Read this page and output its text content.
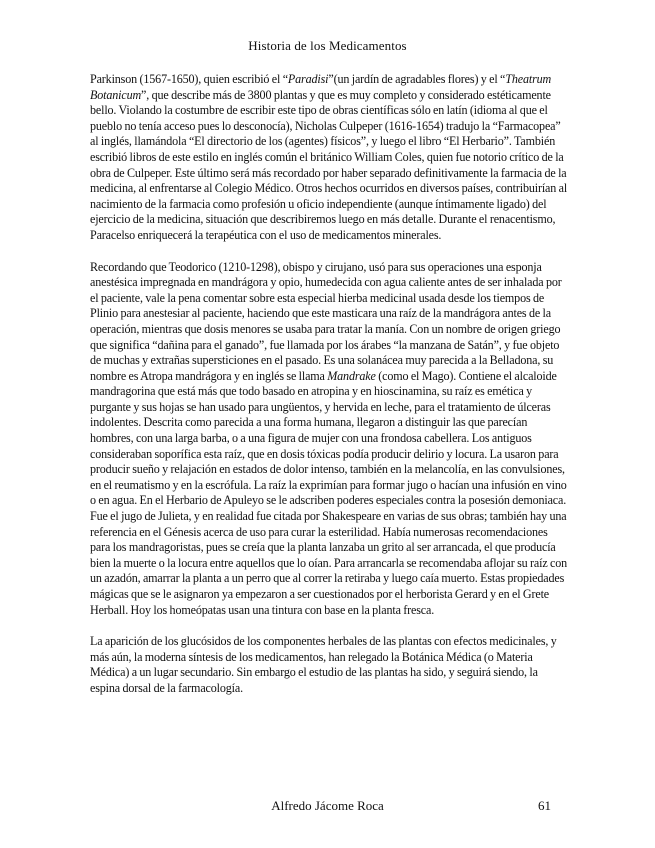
Historia de los Medicamentos

Parkinson (1567-1650), quien escribió el “Paradisi”(un jardín de agradables flores) y el “Theatrum Botanicum”, que describe más de 3800 plantas y que es muy completo y considerado estéticamente bello. Violando la costumbre de escribir este tipo de obras científicas sólo en latín (idioma al que el pueblo no tenía acceso pues lo desconocía), Nicholas Culpeper (1616-1654) tradujo la “Farmacopea” al inglés, llamándola “El directorio de los (agentes) físicos”, y luego el libro “El Herbario”. También escribió libros de este estilo en inglés común el británico William Coles, quien fue notorio crítico de la obra de Culpeper. Este último será más recordado por haber separado definitivamente la farmacia de la medicina, al enfrentarse al Colegio Médico. Otros hechos ocurridos en diversos países, contribuirían al nacimiento de la farmacia como profesión u oficio independiente (aunque íntimamente ligado) del ejercicio de la medicina, situación que describiremos luego en más detalle. Durante el renacentismo, Paracelso enriquecerá la terapéutica con el uso de medicamentos minerales.

Recordando que Teodorico (1210-1298), obispo y cirujano, usó para sus operaciones una esponja anestésica impregnada en mandrágora y opio, humedecida con agua caliente antes de ser inhalada por el paciente, vale la pena comentar sobre esta especial hierba medicinal usada desde los tiempos de Plinio para anestesiar al paciente, haciendo que este masticara una raíz de la mandrágora antes de la operación, mientras que dosis menores se usaba para tratar la manía. Con un nombre de origen griego que significa “dañina para el ganado”, fue llamada por los árabes “la manzana de Satán”, y fue objeto de muchas y extrañas supersticiones en el pasado. Es una solanácea muy parecida a la Belladona, su nombre es Atropa mandrágora y en inglés se llama Mandrake (como el Mago). Contiene el alcaloide mandragorina que está más que todo basado en atropina y en hioscinamina, su raíz es emética y purgante y sus hojas se han usado para ungüentos, y hervida en leche, para el tratamiento de úlceras indolentes. Descrita como parecida a una forma humana, llegaron a distinguir las que parecían hombres, con una larga barba, o a una figura de mujer con una frondosa cabellera. Los antiguos consideraban soporífica esta raíz, que en dosis tóxicas podía producir delirio y locura. La usaron para producir sueño y relajación en estados de dolor intenso, también en la melancolía, en las convulsiones, en el reumatismo y en la escrófula. La raíz la exprimían para formar jugo o hacían una infusión en vino o en agua. En el Herbario de Apuleyo se le adscriben poderes especiales contra la posesión demoniaca. Fue el jugo de Julieta, y en realidad fue citada por Shakespeare en varias de sus obras; también hay una referencia en el Génesis acerca de uso para curar la esterilidad. Había numerosas recomendaciones para los mandragoristas, pues se creía que la planta lanzaba un grito al ser arrancada, el que producía bien la muerte o la locura entre aquellos que lo oían. Para arrancarla se recomendaba aflojar su raíz con un azadón, amarrar la planta a un perro que al correr la retiraba y luego caía muerto. Estas propiedades mágicas que se le asignaron ya empezaron a ser cuestionados por el herborista Gerard y en el Grete Herball. Hoy los homeópatas usan una tintura con base en la planta fresca.

La aparición de los glucósidos de los componentes herbales de las plantas con efectos medicinales, y más aún, la moderna síntesis de los medicamentos, han relegado la Botánica Médica (o Materia Médica) a un lugar secundario. Sin embargo el estudio de las plantas ha sido, y seguirá siendo, la espina dorsal de la farmacología.

Alfredo Jácome Roca	61
